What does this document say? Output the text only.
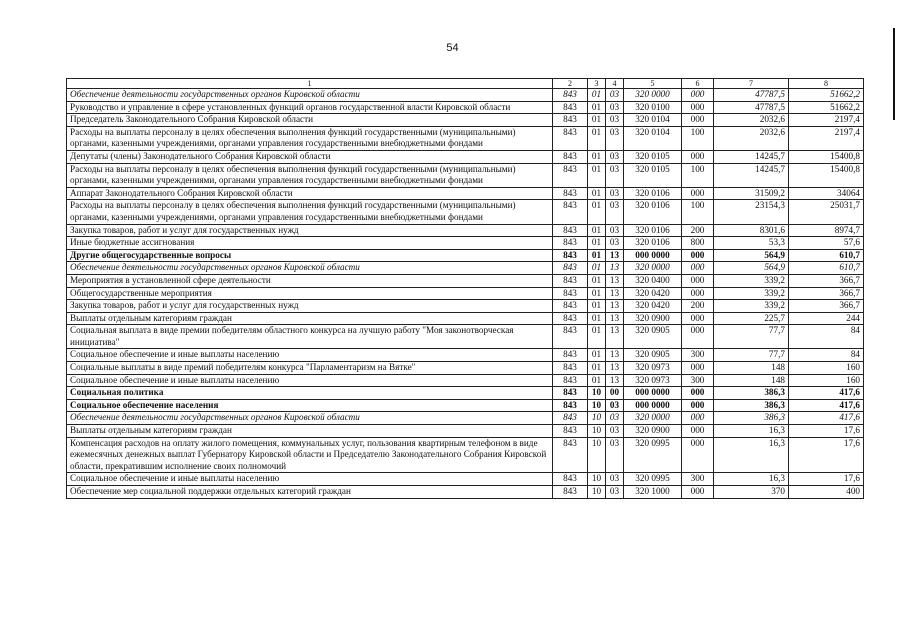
54
1	2	3	4	5	6	7	8
Обеспечение деятельности государственных органов Кировской области	843	01	03	320 0000	000	47787,5	51662,2
Руководство и управление в сфере установленных функций органов государственной власти Кировской области	843	01	03	320 0100	000	47787,5	51662,2
Председатель Законодательного Собрания Кировской области	843	01	03	320 0104	000	2032,6	2197,4
Расходы на выплаты персоналу в целях обеспечения выполнения функций государственными (муниципальными) органами, казенными учреждениями, органами управления государственными внебюджетными фондами	843	01	03	320 0104	100	2032,6	2197,4
Депутаты (члены) Законодательного Собрания Кировской области	843	01	03	320 0105	000	14245,7	15400,8
Расходы на выплаты персоналу в целях обеспечения выполнения функций государственными (муниципальными) органами, казенными учреждениями, органами управления государственными внебюджетными фондами	843	01	03	320 0105	100	14245,7	15400,8
Аппарат Законодательного Собрания Кировской области	843	01	03	320 0106	000	31509,2	34064
Расходы на выплаты персоналу в целях обеспечения выполнения функций государственными (муниципальными) органами, казенными учреждениями, органами управления государственными внебюджетными фондами	843	01	03	320 0106	100	23154,3	25031,7
Закупка товаров, работ и услуг для государственных нужд	843	01	03	320 0106	200	8301,6	8974,7
Иные бюджетные ассигнования	843	01	03	320 0106	800	53,3	57,6
Другие общегосударственные вопросы	843	01	13	000 0000	000	564,9	610,7
Обеспечение деятельности государственных органов Кировской области	843	01	13	320 0000	000	564,9	610,7
Мероприятия в установленной сфере деятельности	843	01	13	320 0400	000	339,2	366,7
Общегосударственные мероприятия	843	01	13	320 0420	000	339,2	366,7
Закупка товаров, работ и услуг для государственных нужд	843	01	13	320 0420	200	339,2	366,7
Выплаты отдельным категориям граждан	843	01	13	320 0900	000	225,7	244
Социальная выплата в виде премии победителям областного конкурса на лучшую работу "Моя законотворческая инициатива"	843	01	13	320 0905	000	77,7	84
Социальное обеспечение и иные выплаты населению	843	01	13	320 0905	300	77,7	84
Социальные выплаты в виде премий победителям конкурса "Парламентаризм на Вятке"	843	01	13	320 0973	000	148	160
Социальное обеспечение и иные выплаты населению	843	01	13	320 0973	300	148	160
Социальная политика	843	10	00	000 0000	000	386,3	417,6
Социальное обеспечение населения	843	10	03	000 0000	000	386,3	417,6
Обеспечение деятельности государственных органов Кировской области	843	10	03	320 0000	000	386,3	417,6
Выплаты отдельным категориям граждан	843	10	03	320 0900	000	16,3	17,6
Компенсация расходов на оплату жилого помещения, коммунальных услуг, пользования квартирным телефоном в виде ежемесячных денежных выплат Губернатору Кировской области и Председателю Законодательного Собрания Кировской области, прекратившим исполнение своих полномочий	843	10	03	320 0995	000	16,3	17,6
Социальное обеспечение и иные выплаты населению	843	10	03	320 0995	300	16,3	17,6
Обеспечение мер социальной поддержки отдельных категорий граждан	843	10	03	320 1000	000	370	400
